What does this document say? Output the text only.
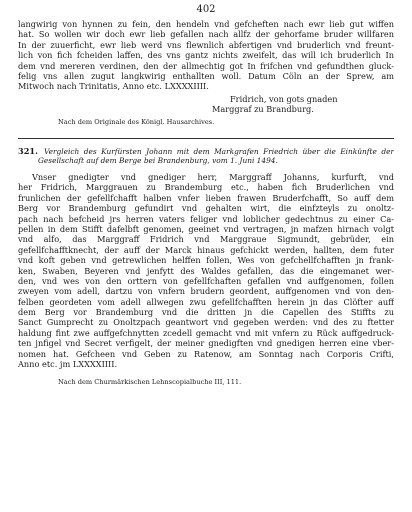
402
langwirig von hynnen zu fein, den hendeln vnd gefcheften nach ewr lieb gut wiffen
hat. So wollen wir doch ewr lieb gefallen nach allfz der gehorfame bruder willfaren
In der zuuerficht, ewr lieb werd vns flewnlich abfertigen vnd bruderlich vnd freunt-
lich von fich fcheiden laffen, des vns gantz nichts zweifelt, das will ich bruderlich In
dem vnd mereren verdinen, den der allmechtig got In frifchen vnd gefundthen gluck-
felig vns allen zugut langkwirig enthallten woll. Datum Cöln an der Sprew, am
Mitwoch nach Trinitatis, Anno etc. LXXXXIIII.
Fridrich, von gots gnaden
Marggraf zu Brandburg.
Nach dem Originale des Königl. Hausarchives.
321. Vergleich des Kurfürsten Johann mit dem Markgrafen Friedrich über die Einkünfte der
Gesellschaft auf dem Berge bei Brandenburg, vom 1. Juni 1494.
Vnser gnedigter vnd gnediger herr, Marggraff Johanns, kurfurft, vnd
her Fridrich, Marggrauen zu Brandemburg etc., haben fich Bruderlichen vnd
frunlichen der gefellfchafft halben vnfer lieben frawen Bruderfchafft, So auff dem
Berg vor Brandemburg gefundirt vnd gehalten wirt, die einfzteyls zu onoltz-
pach nach befcheid jrs herren vaters feliger vnd loblicher gedechtnus zu einer Ca-
pellen in dem Stifft dafelbft genomen, geeinet vnd vertragen, jn mafzen hirnach volgt
vnd alfo, das Marggraff Fridrich vnd Marggraue Sigmundt, gebrüder, ein
gefellfchafftknecht, der auff der Marck hinaus gefchickt werden, hallten, dem futer
vnd koft geben vnd getrewlichen helffen follen, Wes von gefchellfchafften jn frank-
ken, Swaben, Beyeren vnd jenfytt des Waldes gefallen, das die eingemanet wer-
den, vnd wes von den orttern von gefellfchaften gefallen vnd auffgenomen, follen
zweyen vom adell, dartzu von vnfern brudern geordent, auffgenomen vnd von den-
felben geordeten vom adell allwegen zwu gefellfchafften herein jn das Clöfter auff
dem Berg vor Brandemburg vnd die dritten jn die Capellen des Stiffts zu
Sanct Gumprecht zu Onoltzpach geantwort vnd gegeben werden: vnd des zu ftetter
haldung fint zwe auffgefchnytten zcedell gemacht vnd mit vnfern zu Rück auffgedruck-
ten jnfigel vnd Secret verfigelt, der meiner gnedigften vnd gnedigen herren eine vber-
nomen hat. Gefcheen vnd Geben zu Ratenow, am Sonntag nach Corporis Crifti,
Anno etc. jm LXXXXIIII.
Nach dem Churmärkischen Lehnscopialbuche III, 111.
